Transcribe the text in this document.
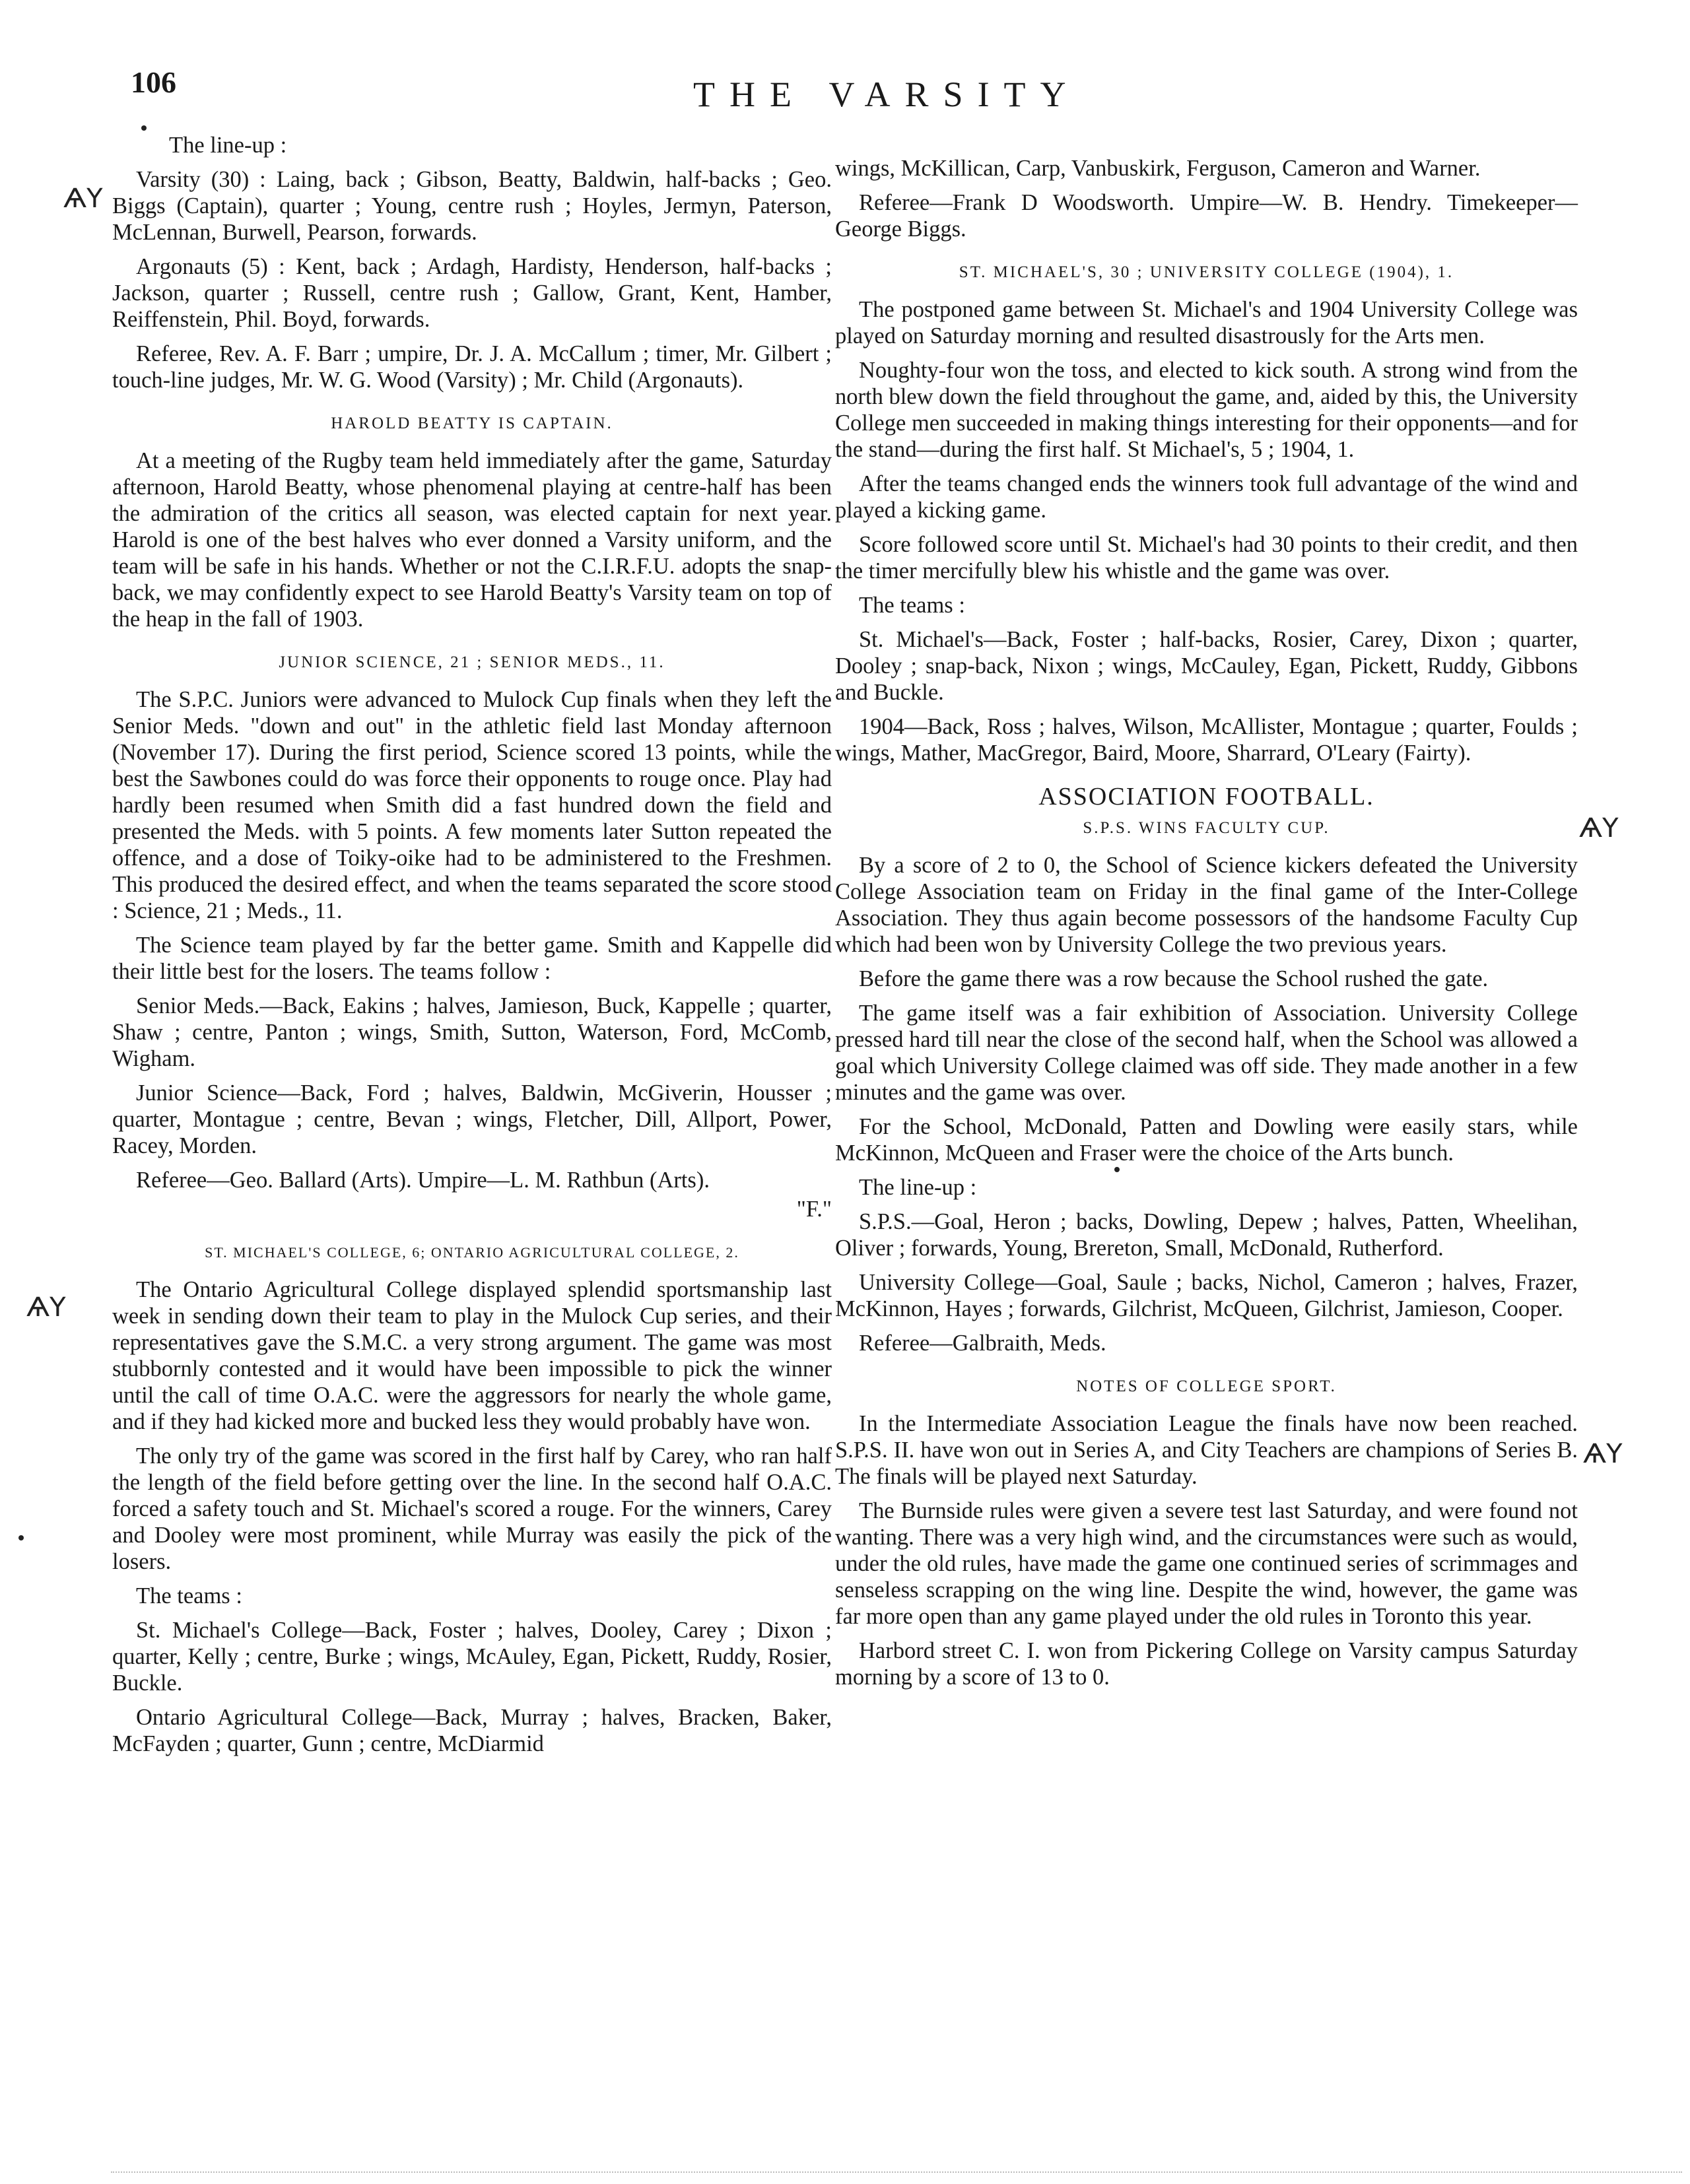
106	THE VARSITY
ѦΥ
ѦΥ
ѦΥ
ѦΥ

The line-up :

Varsity (30) : Laing, back ; Gibson, Beatty, Baldwin, half-backs ; Geo. Biggs (Captain), quarter ; Young, centre rush ; Hoyles, Jermyn, Paterson, McLennan, Burwell, Pearson, forwards.

Argonauts (5) : Kent, back ; Ardagh, Hardisty, Henderson, half-backs ; Jackson, quarter ; Russell, centre rush ; Gallow, Grant, Kent, Hamber, Reiffenstein, Phil. Boyd, forwards.

Referee, Rev. A. F. Barr ; umpire, Dr. J. A. McCallum ; timer, Mr. Gilbert ; touch-line judges, Mr. W. G. Wood (Varsity) ; Mr. Child (Argonauts).

HAROLD BEATTY IS CAPTAIN.

At a meeting of the Rugby team held immediately after the game, Saturday afternoon, Harold Beatty, whose phenomenal playing at centre-half has been the admiration of the critics all season, was elected captain for next year. Harold is one of the best halves who ever donned a Varsity uniform, and the team will be safe in his hands. Whether or not the C.I.R.F.U. adopts the snap-back, we may confidently expect to see Harold Beatty's Varsity team on top of the heap in the fall of 1903.

JUNIOR SCIENCE, 21 ; SENIOR MEDS., 11.

The S.P.C. Juniors were advanced to Mulock Cup finals when they left the Senior Meds. "down and out" in the athletic field last Monday afternoon (November 17). During the first period, Science scored 13 points, while the best the Sawbones could do was force their opponents to rouge once. Play had hardly been resumed when Smith did a fast hundred down the field and presented the Meds. with 5 points. A few moments later Sutton repeated the offence, and a dose of Toiky-oike had to be administered to the Freshmen. This produced the desired effect, and when the teams separated the score stood : Science, 21 ; Meds., 11.

The Science team played by far the better game. Smith and Kappelle did their little best for the losers. The teams follow :

Senior Meds.—Back, Eakins ; halves, Jamieson, Buck, Kappelle ; quarter, Shaw ; centre, Panton ; wings, Smith, Sutton, Waterson, Ford, McComb, Wigham.

Junior Science—Back, Ford ; halves, Baldwin, McGiverin, Housser ; quarter, Montague ; centre, Bevan ; wings, Fletcher, Dill, Allport, Power, Racey, Morden.

Referee—Geo. Ballard (Arts). Umpire—L. M. Rathbun (Arts).

"F."
ST. MICHAEL'S COLLEGE, 6; ONTARIO AGRICULTURAL COLLEGE, 2.

The Ontario Agricultural College displayed splendid sportsmanship last week in sending down their team to play in the Mulock Cup series, and their representatives gave the S.M.C. a very strong argument. The game was most stubbornly contested and it would have been impossible to pick the winner until the call of time O.A.C. were the aggressors for nearly the whole game, and if they had kicked more and bucked less they would probably have won.

The only try of the game was scored in the first half by Carey, who ran half the length of the field before getting over the line. In the second half O.A.C. forced a safety touch and St. Michael's scored a rouge. For the winners, Carey and Dooley were most prominent, while Murray was easily the pick of the losers.

The teams :

St. Michael's College—Back, Foster ; halves, Dooley, Carey ; Dixon ; quarter, Kelly ; centre, Burke ; wings, McAuley, Egan, Pickett, Ruddy, Rosier, Buckle.

Ontario Agricultural College—Back, Murray ; halves, Bracken, Baker, McFayden ; quarter, Gunn ; centre, McDiarmid

wings, McKillican, Carp, Vanbuskirk, Ferguson, Cameron and Warner.

Referee—Frank D Woodsworth. Umpire—W. B. Hendry. Timekeeper—George Biggs.

ST. MICHAEL'S, 30 ; UNIVERSITY COLLEGE (1904), 1.

The postponed game between St. Michael's and 1904 University College was played on Saturday morning and resulted disastrously for the Arts men.

Noughty-four won the toss, and elected to kick south. A strong wind from the north blew down the field throughout the game, and, aided by this, the University College men succeeded in making things interesting for their opponents—and for the stand—during the first half. St Michael's, 5 ; 1904, 1.

After the teams changed ends the winners took full advantage of the wind and played a kicking game.

Score followed score until St. Michael's had 30 points to their credit, and then the timer mercifully blew his whistle and the game was over.

The teams :

St. Michael's—Back, Foster ; half-backs, Rosier, Carey, Dixon ; quarter, Dooley ; snap-back, Nixon ; wings, McCauley, Egan, Pickett, Ruddy, Gibbons and Buckle.

1904—Back, Ross ; halves, Wilson, McAllister, Montague ; quarter, Foulds ; wings, Mather, MacGregor, Baird, Moore, Sharrard, O'Leary (Fairty).

ASSOCIATION FOOTBALL.
S.P.S. WINS FACULTY CUP.

By a score of 2 to 0, the School of Science kickers defeated the University College Association team on Friday in the final game of the Inter-College Association. They thus again become possessors of the handsome Faculty Cup which had been won by University College the two previous years.

Before the game there was a row because the School rushed the gate.

The game itself was a fair exhibition of Association. University College pressed hard till near the close of the second half, when the School was allowed a goal which University College claimed was off side. They made another in a few minutes and the game was over.

For the School, McDonald, Patten and Dowling were easily stars, while McKinnon, McQueen and Fraser were the choice of the Arts bunch.

The line-up :

S.P.S.—Goal, Heron ; backs, Dowling, Depew ; halves, Patten, Wheelihan, Oliver ; forwards, Young, Brereton, Small, McDonald, Rutherford.

University College—Goal, Saule ; backs, Nichol, Cameron ; halves, Frazer, McKinnon, Hayes ; forwards, Gilchrist, McQueen, Gilchrist, Jamieson, Cooper.

Referee—Galbraith, Meds.

NOTES OF COLLEGE SPORT.

In the Intermediate Association League the finals have now been reached. S.P.S. II. have won out in Series A, and City Teachers are champions of Series B. The finals will be played next Saturday.

The Burnside rules were given a severe test last Saturday, and were found not wanting. There was a very high wind, and the circumstances were such as would, under the old rules, have made the game one continued series of scrimmages and senseless scrapping on the wing line. Despite the wind, however, the game was far more open than any game played under the old rules in Toronto this year.

Harbord street C. I. won from Pickering College on Varsity campus Saturday morning by a score of 13 to 0.
